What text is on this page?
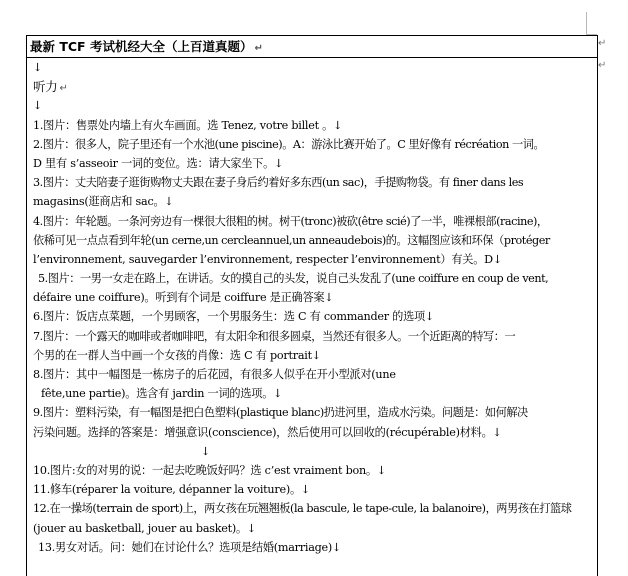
↵
↵
最新 TCF 考试机经大全（上百道真题） ↵
↓
听力 ↵
↓
1.图片：售票处内墙上有火车画面。选 Tenez, votre billet 。↓
2.图片：很多人，院子里还有一个水池(une piscine)。A：游泳比赛开始了。C 里好像有 récréation 一词。
D 里有 s’asseoir 一词的变位。选：请大家坐下。↓
3.图片：丈夫陪妻子逛街购物丈夫跟在妻子身后约着好多东西(un sac)，手提购物袋。有 finer dans les
magasins(逛商店和 sac。↓
4.图片：年轮题。一条河旁边有一棵很大很粗的树。树干(tronc)被砍(être scié)了一半，唯裸根部(racine)，
依稀可见一点点看到年轮(un cerne,un cercleannuel,un anneaudebois)的。这幅图应该和环保（protéger
l’environnement, sauvegarder l’environnement, respecter l’environnement）有关。D↓
5.图片：一男一女走在路上，在讲话。女的摸自己的头发，说自己头发乱了(une coiffure en coup de vent,
défaire une coiffure)。听到有个词是 coiffure 是正确答案↓
6.图片：饭店点菜题，一个男顾客，一个男服务生：选 C 有 commander 的选项↓
7.图片：一个露天的咖啡或者咖啡吧，有太阳伞和很多圆桌，当然还有很多人。一个近距离的特写：一
个男的在一群人当中画一个女孩的肖像：选 C 有 portrait↓
8.图片：其中一幅图是一栋房子的后花园，有很多人似乎在开小型派对(une
fête,une partie)。选含有 jardin 一词的选项。↓
9.图片：塑料污染，有一幅图是把白色塑料(plastique blanc)扔进河里，造成水污染。问题是：如何解决
污染问题。选择的答案是：增强意识(conscience)，然后使用可以回收的(récupérable)材料。↓
↓
10.图片:女的对男的说：一起去吃晚饭好吗？选 c’est vraiment bon。↓
11.修车(réparer la voiture, dépanner la voiture)。↓
12.在一操场(terrain de sport)上，两女孩在玩翘翘板(la bascule, le tape-cule, la balanoire)，两男孩在打篮球
(jouer au basketball, jouer au basket)。↓
13.男女对话。问：她们在讨论什么？选项是结婚(marriage)↓
